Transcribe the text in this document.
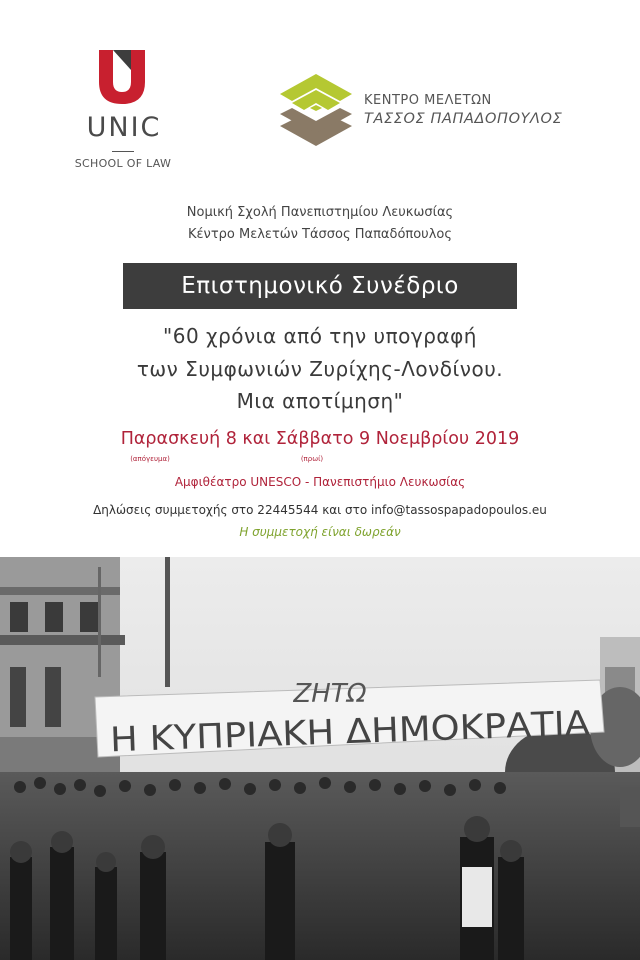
UNIC
SCHOOL OF LAW
ΚΕΝΤΡΟ ΜΕΛΕΤΩΝ
ΤΑΣΣΟΣ ΠΑΠΑΔΟΠΟΥΛΟΣ
Νομική Σχολή Πανεπιστημίου Λευκωσίας
Κέντρο Μελετών Τάσσος Παπαδόπουλος
Επιστημονικό Συνέδριο
"60 χρόνια από την υπογραφή
των Συμφωνιών Ζυρίχης-Λονδίνου.
Μια αποτίμηση"
Παρασκευή 8 και Σάββατο 9 Νοεμβρίου 2019
(απόγευμα)	(πρωί)
Αμφιθέατρο UNESCO - Πανεπιστήμιο Λευκωσίας
Δηλώσεις συμμετοχής στο 22445544 και στο info@tassospapadopoulos.eu
Η συμμετοχή είναι δωρεάν
ΖΗΤΩ
Η ΚΥΠΡΙΑΚΗ ΔΗΜΟΚΡΑΤΙΑ
